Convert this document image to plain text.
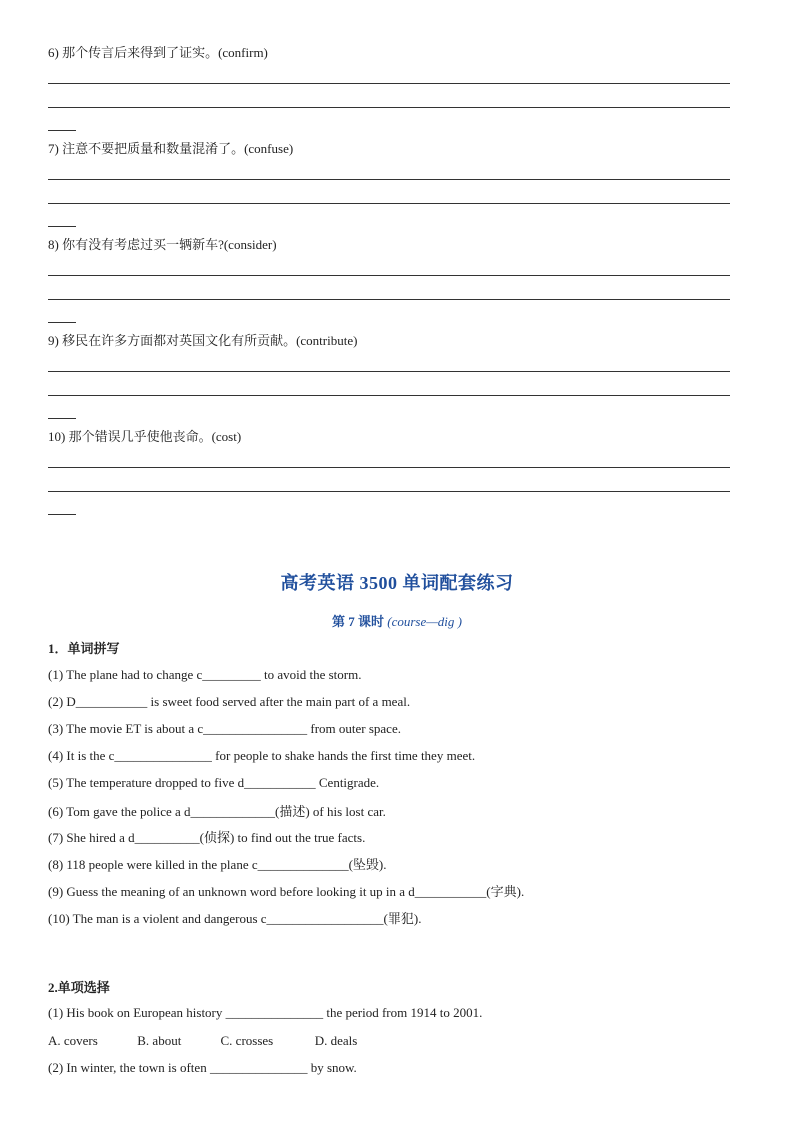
6) 那个传言后来得到了证实。(confirm)
7) 注意不要把质量和数量混淆了。(confuse)
8) 你有没有考虑过买一辆新车?(consider)
9) 移民在许多方面都对英国文化有所贡献。(contribute)
10) 那个错误几乎使他丧命。(cost)
高考英语 3500 单词配套练习
第 7 课时 (course—dig )
1．单词拼写
(1) The plane had to change c_________ to avoid the storm.
(2) D___________ is sweet food served after the main part of a meal.
(3) The movie ET is about a c________________ from outer space.
(4) It is the c_______________ for people to shake hands the first time they meet.
(5) The temperature dropped to five d___________ Centigrade.
(6) Tom gave the police a d_____________(描述) of his lost car.
(7) She hired a d__________(侦探) to find out the true facts.
(8) 118 people were killed in the plane c______________(坠毁).
(9) Guess the meaning of an unknown word before looking it up in a d___________(字典).
(10) The man is a violent and dangerous c__________________(罪犯).
2.单项选择
(1) His book on European history _______________ the period from 1914 to 2001.
A. covers	B. about	C. crosses	D. deals
(2) In winter, the town is often _______________ by snow.
